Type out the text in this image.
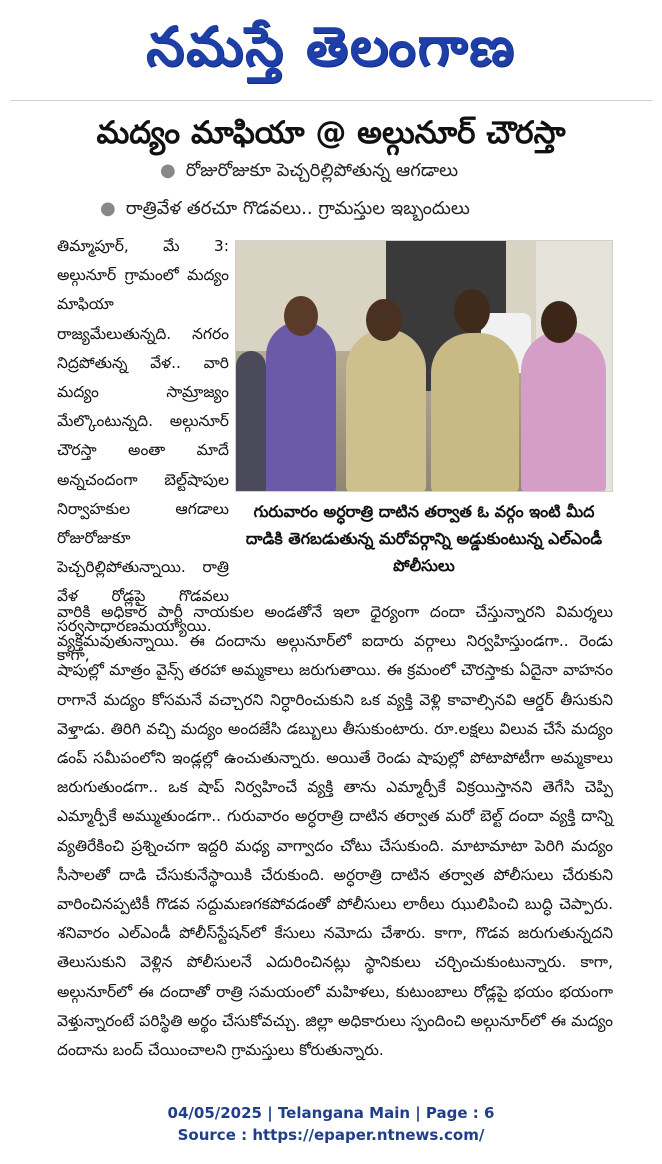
నమస్తే తెలంగాణ
మద్యం మాఫియా @ అల్గునూర్ చౌరస్తా
● రోజురోజుకూ పెచ్చరిల్లిపోతున్న ఆగడాలు
● రాత్రివేళ తరచూ గొడవలు.. గ్రామస్తుల ఇబ్బందులు
తిమ్మాపూర్, మే 3: అల్గునూర్ గ్రామంలో మద్యం మాఫియా రాజ్యమేలుతున్నది. నగరం నిద్రపోతున్న వేళ.. వారి మద్యం సామ్రాజ్యం మేల్కొంటున్నది. అల్గునూర్ చౌరస్తా అంతా మాదే అన్నచందంగా బెల్ట్‌షాపుల నిర్వాహకుల ఆగడాలు రోజురోజుకూ పెచ్చరిల్లిపోతున్నాయి. రాత్రి వేళ రోడ్లపై గొడవలు సర్వసాధారణమయ్యాయి. కాగా,
గురువారం అర్ధరాత్రి దాటిన తర్వాత ఓ వర్గం ఇంటి మీద దాడికి తెగబడుతున్న మరోవర్గాన్ని అడ్డుకుంటున్న ఎల్‌ఎండీ పోలీసులు
వారికి అధికార పార్టీ నాయకుల అండతోనే ఇలా ధైర్యంగా దందా చేస్తున్నారని విమర్శలు వ్యక్తమవుతున్నాయి. ఈ దందాను అల్గునూర్‌లో ఐదారు వర్గాలు నిర్వహిస్తుండగా.. రెండు షాపుల్లో మాత్రం వైన్స్ తరహా అమ్మకాలు జరుగుతాయి. ఈ క్రమంలో చౌరస్తాకు ఏదైనా వాహనం రాగానే మద్యం కోసమనే వచ్చారని నిర్ధారించుకుని ఒక వ్యక్తి వెళ్లి కావాల్సినవి ఆర్డర్ తీసుకుని వెళ్తాడు. తిరిగి వచ్చి మద్యం అందజేసి డబ్బులు తీసుకుంటారు. రూ.లక్షలు విలువ చేసే మద్యం డంప్ సమీపంలోని ఇండ్లల్లో ఉంచుతున్నారు. అయితే రెండు షాపుల్లో పోటాపోటీగా అమ్మకాలు జరుగుతుండగా.. ఒక షాప్ నిర్వహించే వ్యక్తి తాను ఎమ్మార్పీకే విక్రయిస్తానని తెగేసి చెప్పి ఎమ్మార్పీకే అమ్ముతుండగా.. గురువారం అర్ధరాత్రి దాటిన తర్వాత మరో బెల్ట్ దందా వ్యక్తి దాన్ని వ్యతిరేకించి ప్రశ్నించగా ఇద్దరి మధ్య వాగ్వాదం చోటు చేసుకుంది. మాటామాటా పెరిగి మద్యం సీసాలతో దాడి చేసుకునేస్థాయికి చేరుకుంది. అర్ధరాత్రి దాటిన తర్వాత పోలీసులు చేరుకుని వారించినప్పటికీ గొడవ సద్దుమణగకపోవడంతో పోలీసులు లాఠీలు ఝులిపించి బుద్ధి చెప్పారు. శనివారం ఎల్‌ఎండీ పోలీస్‌స్టేషన్‌లో కేసులు నమోదు చేశారు. కాగా, గొడవ జరుగుతున్నదని తెలుసుకుని వెళ్లిన పోలీసులనే ఎదురించినట్లు స్థానికులు చర్చించుకుంటున్నారు. కాగా, అల్గునూర్‌లో ఈ దందాతో రాత్రి సమయంలో మహిళలు, కుటుంబాలు రోడ్లపై భయం భయంగా వెళ్తున్నారంటే పరిస్థితి అర్థం చేసుకోవచ్చు. జిల్లా అధికారులు స్పందించి అల్గునూర్‌లో ఈ మద్యం దందాను బంద్ చేయించాలని గ్రామస్తులు కోరుతున్నారు.
04/05/2025 | Telangana Main | Page : 6
Source : https://epaper.ntnews.com/
